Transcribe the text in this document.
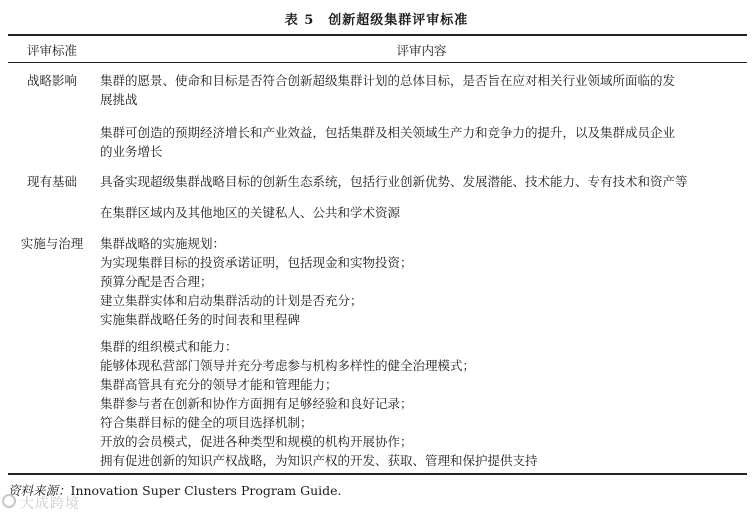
表 5　创新超级集群评审标准
评审标准	评审内容
战略影响	集群的愿景、使命和目标是否符合创新超级集群计划的总体目标，是否旨在应对相关行业领域所面临的发
展挑战
集群可创造的预期经济增长和产业效益，包括集群及相关领域生产力和竞争力的提升，以及集群成员企业
的业务增长
现有基础	具备实现超级集群战略目标的创新生态系统，包括行业创新优势、发展潜能、技术能力、专有技术和资产等
在集群区域内及其他地区的关键私人、公共和学术资源
实施与治理	集群战略的实施规划：
为实现集群目标的投资承诺证明，包括现金和实物投资；
预算分配是否合理；
建立集群实体和启动集群活动的计划是否充分；
实施集群战略任务的时间表和里程碑
集群的组织模式和能力：
能够体现私营部门领导并充分考虑参与机构多样性的健全治理模式；
集群高管具有充分的领导才能和管理能力；
集群参与者在创新和协作方面拥有足够经验和良好记录；
符合集群目标的健全的项目选择机制；
开放的会员模式，促进各种类型和规模的机构开展协作；
拥有促进创新的知识产权战略，为知识产权的开发、获取、管理和保护提供支持
资料来源：Innovation Super Clusters Program Guide.
大成跨境
